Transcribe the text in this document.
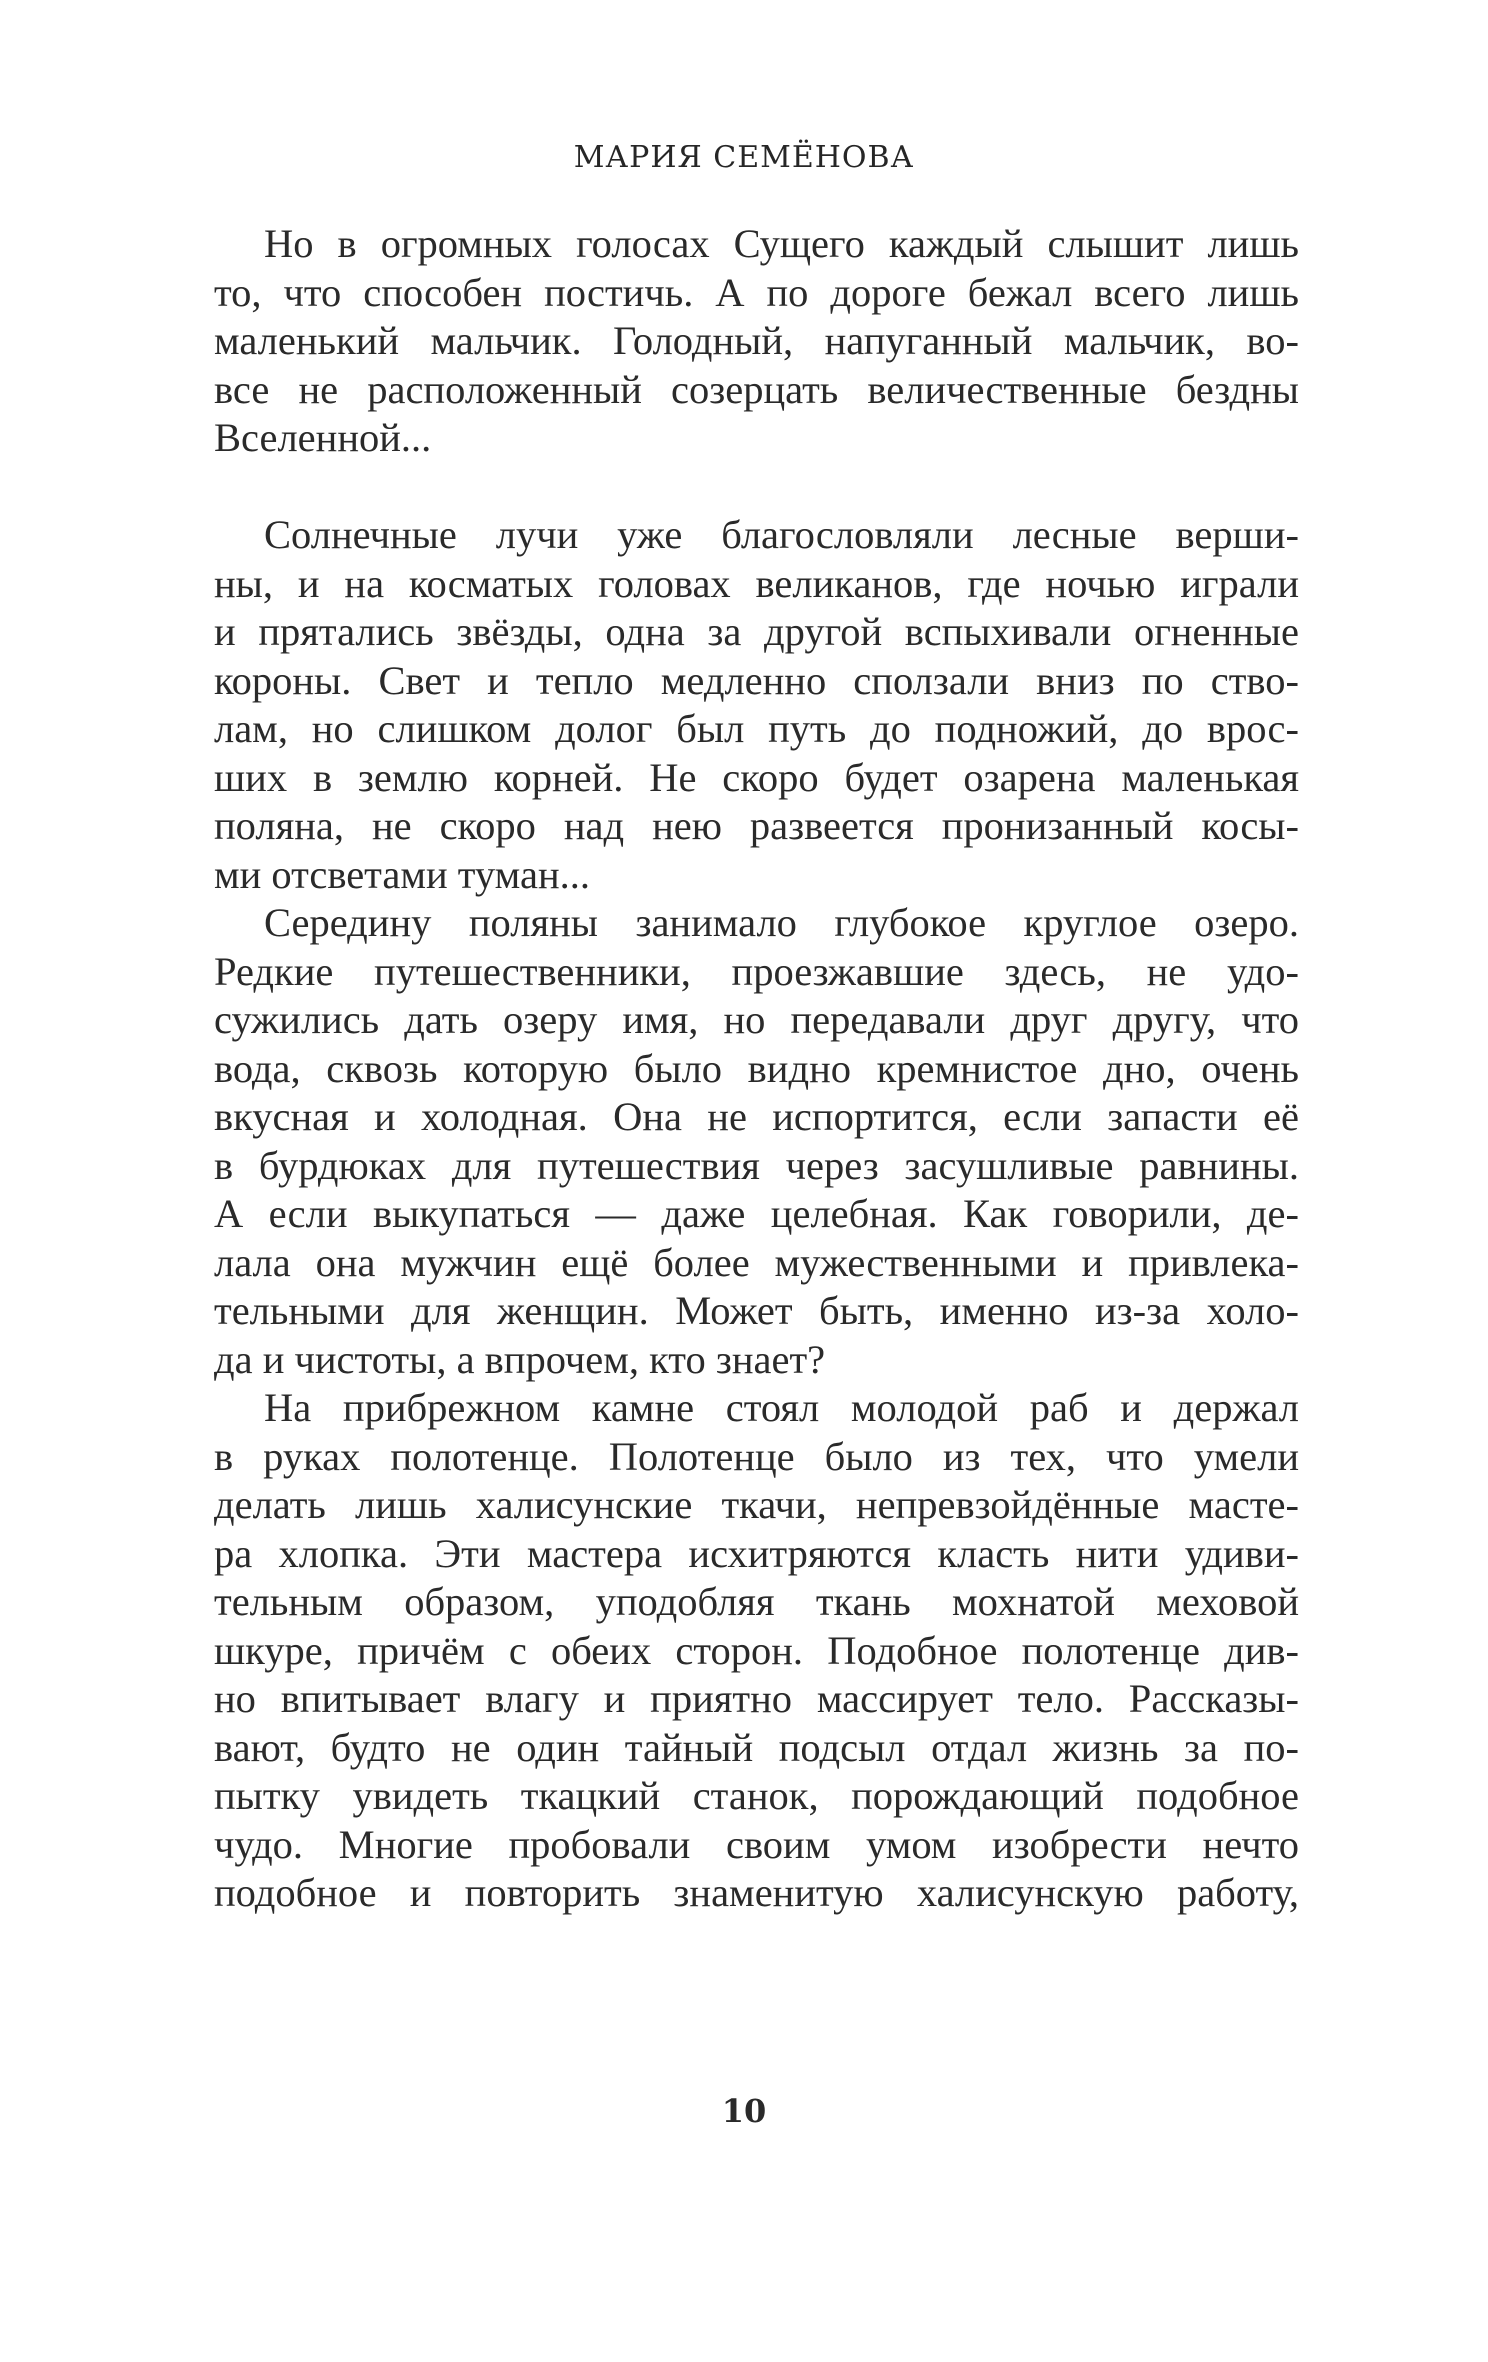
МАРИЯ СЕМЁНОВА
Но в огромных голосах Сущего каждый слышит лишь
то, что способен постичь. А по дороге бежал всего лишь
маленький мальчик. Голодный, напуганный мальчик, во-
все не расположенный созерцать величественные бездны
Вселенной...
Солнечные лучи уже благословляли лесные верши-
ны, и на косматых головах великанов, где ночью играли
и прятались звёзды, одна за другой вспыхивали огненные
короны. Свет и тепло медленно сползали вниз по ство-
лам, но слишком долог был путь до подножий, до врос-
ших в землю корней. Не скоро будет озарена маленькая
поляна, не скоро над нею развеется пронизанный косы-
ми отсветами туман...
Середину поляны занимало глубокое круглое озеро.
Редкие путешественники, проезжавшие здесь, не удо-
сужились дать озеру имя, но передавали друг другу, что
вода, сквозь которую было видно кремнистое дно, очень
вкусная и холодная. Она не испортится, если запасти её
в бурдюках для путешествия через засушливые равнины.
А если выкупаться — даже целебная. Как говорили, де-
лала она мужчин ещё более мужественными и привлека-
тельными для женщин. Может быть, именно из-за холо-
да и чистоты, а впрочем, кто знает?
На прибрежном камне стоял молодой раб и держал
в руках полотенце. Полотенце было из тех, что умели
делать лишь халисунские ткачи, непревзойдённые масте-
ра хлопка. Эти мастера исхитряются класть нити удиви-
тельным образом, уподобляя ткань мохнатой меховой
шкуре, причём с обеих сторон. Подобное полотенце див-
но впитывает влагу и приятно массирует тело. Рассказы-
вают, будто не один тайный подсыл отдал жизнь за по-
пытку увидеть ткацкий станок, порождающий подобное
чудо. Многие пробовали своим умом изобрести нечто
подобное и повторить знаменитую халисунскую работу,
10
